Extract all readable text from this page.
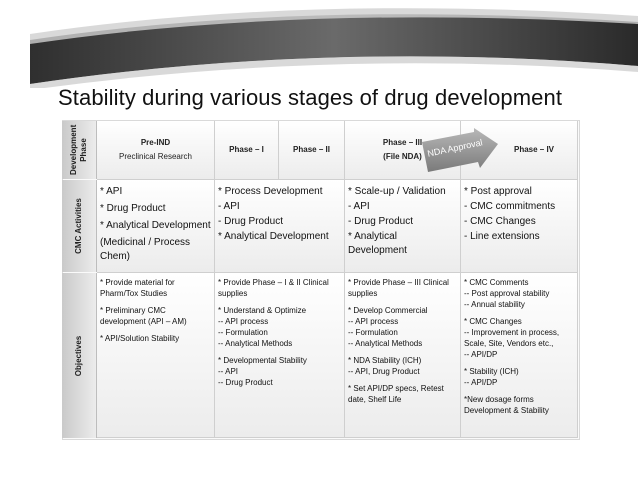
Stability during various stages of drug development
Development Phase
CMC Activities
Objectives
Pre-IND
Preclinical Research
Phase – I	Phase – II
Phase – III
(File NDA)
Phase – IV
NDA Approval
* API
* Drug Product
* Analytical Development
(Medicinal / Process Chem)
* Process Development
- API
- Drug Product
* Analytical Development
* Scale-up / Validation
- API
- Drug Product
* Analytical Development
* Post approval
- CMC commitments
- CMC Changes
- Line extensions
* Provide material for Pharm/Tox Studies
* Preliminary CMC development (API – AM)
* API/Solution Stability
* Provide Phase – I & II Clinical supplies
* Understand & Optimize
-- API process
-- Formulation
-- Analytical Methods
* Developmental Stability
-- API
-- Drug Product
* Provide Phase – III Clinical supplies
* Develop Commercial
-- API process
-- Formulation
-- Analytical Methods
* NDA Stability (ICH)
-- API, Drug Product
* Set API/DP specs, Retest date, Shelf Life
* CMC Comments
-- Post approval stability
-- Annual stability
* CMC Changes
-- Improvement in process, Scale, Site, Vendors etc.,
-- API/DP
* Stability (ICH)
-- API/DP
*New dosage forms Development & Stability
